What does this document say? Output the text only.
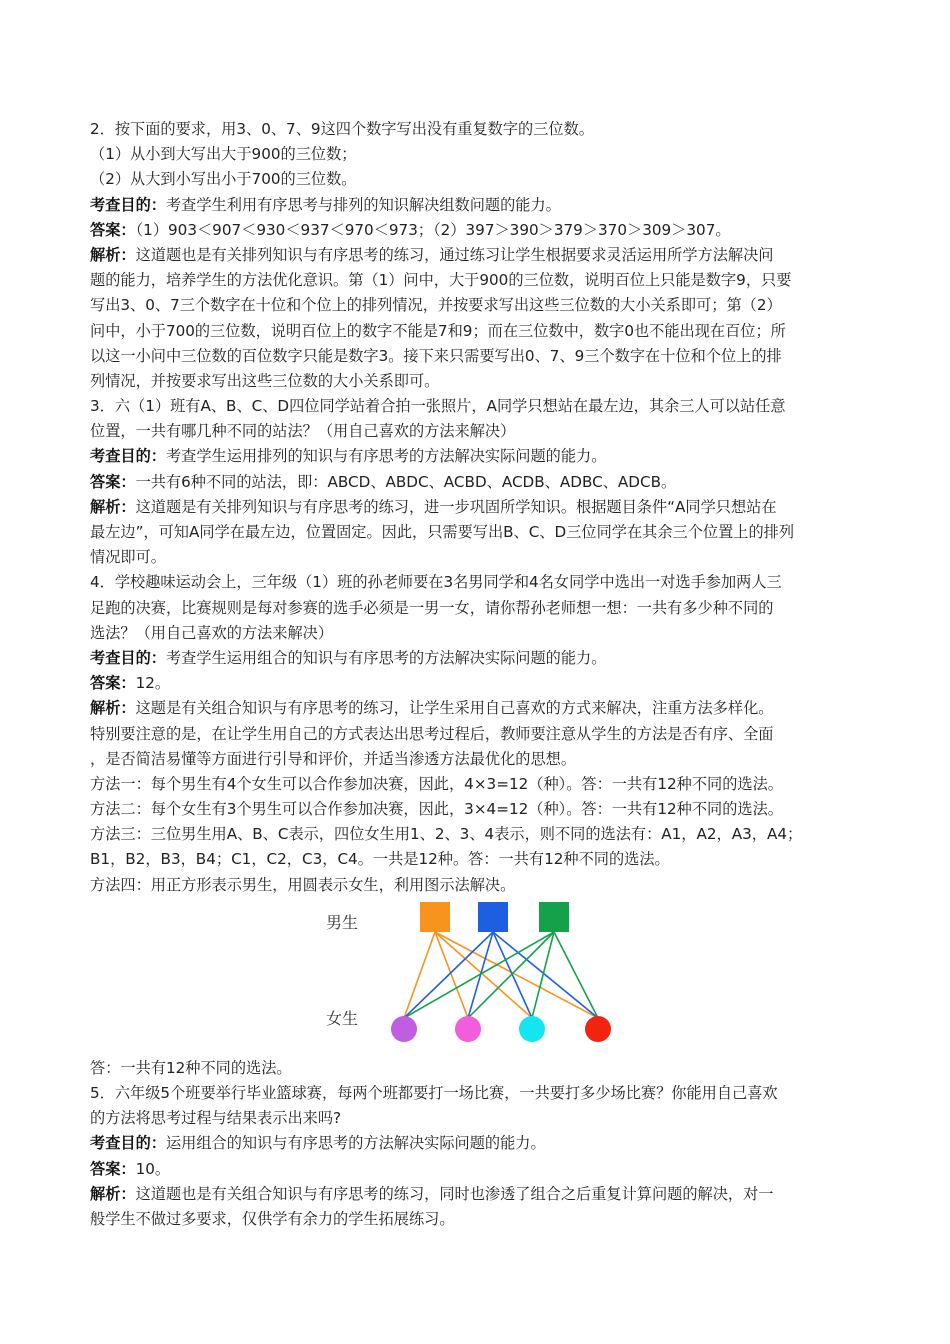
2．按下面的要求，用3、0、7、9这四个数字写出没有重复数字的三位数。
（1）从小到大写出大于900的三位数；
（2）从大到小写出小于700的三位数。
考查目的：考查学生利用有序思考与排列的知识解决组数问题的能力。
答案：（1）903＜907＜930＜937＜970＜973；（2）397＞390＞379＞370＞309＞307。
解析：这道题也是有关排列知识与有序思考的练习，通过练习让学生根据要求灵活运用所学方法解决问
题的能力，培养学生的方法优化意识。第（1）问中，大于900的三位数，说明百位上只能是数字9，只要
写出3、0、7三个数字在十位和个位上的排列情况，并按要求写出这些三位数的大小关系即可；第（2）
问中，小于700的三位数，说明百位上的数字不能是7和9；而在三位数中，数字0也不能出现在百位；所
以这一小问中三位数的百位数字只能是数字3。接下来只需要写出0、7、9三个数字在十位和个位上的排
列情况，并按要求写出这些三位数的大小关系即可。
3．六（1）班有A、B、C、D四位同学站着合拍一张照片，A同学只想站在最左边，其余三人可以站任意
位置，一共有哪几种不同的站法？（用自己喜欢的方法来解决）
考查目的：考查学生运用排列的知识与有序思考的方法解决实际问题的能力。
答案：一共有6种不同的站法，即：ABCD、ABDC、ACBD、ACDB、ADBC、ADCB。
解析：这道题是有关排列知识与有序思考的练习，进一步巩固所学知识。根据题目条件“A同学只想站在
最左边”，可知A同学在最左边，位置固定。因此，只需要写出B、C、D三位同学在其余三个位置上的排列
情况即可。
4．学校趣味运动会上，三年级（1）班的孙老师要在3名男同学和4名女同学中选出一对选手参加两人三
足跑的决赛，比赛规则是每对参赛的选手必须是一男一女，请你帮孙老师想一想：一共有多少种不同的
选法？（用自己喜欢的方法来解决）
考查目的：考查学生运用组合的知识与有序思考的方法解决实际问题的能力。
答案：12。
解析：这题是有关组合知识与有序思考的练习，让学生采用自己喜欢的方式来解决，注重方法多样化。
特别要注意的是，在让学生用自己的方式表达出思考过程后，教师要注意从学生的方法是否有序、全面
，是否简洁易懂等方面进行引导和评价，并适当渗透方法最优化的思想。
方法一：每个男生有4个女生可以合作参加决赛，因此，4×3=12（种）。答：一共有12种不同的选法。
方法二：每个女生有3个男生可以合作参加决赛，因此，3×4=12（种）。答：一共有12种不同的选法。
方法三：三位男生用A、B、C表示，四位女生用1、2、3、4表示，则不同的选法有：A1，A2，A3，A4；
B1，B2，B3，B4；C1，C2，C3，C4。一共是12种。答：一共有12种不同的选法。
方法四：用正方形表示男生，用圆表示女生，利用图示法解决。
男生
女生
答：一共有12种不同的选法。
5．六年级5个班要举行毕业篮球赛，每两个班都要打一场比赛，一共要打多少场比赛？你能用自己喜欢
的方法将思考过程与结果表示出来吗?
考查目的：运用组合的知识与有序思考的方法解决实际问题的能力。
答案：10。
解析：这道题也是有关组合知识与有序思考的练习，同时也渗透了组合之后重复计算问题的解决，对一
般学生不做过多要求，仅供学有余力的学生拓展练习。
